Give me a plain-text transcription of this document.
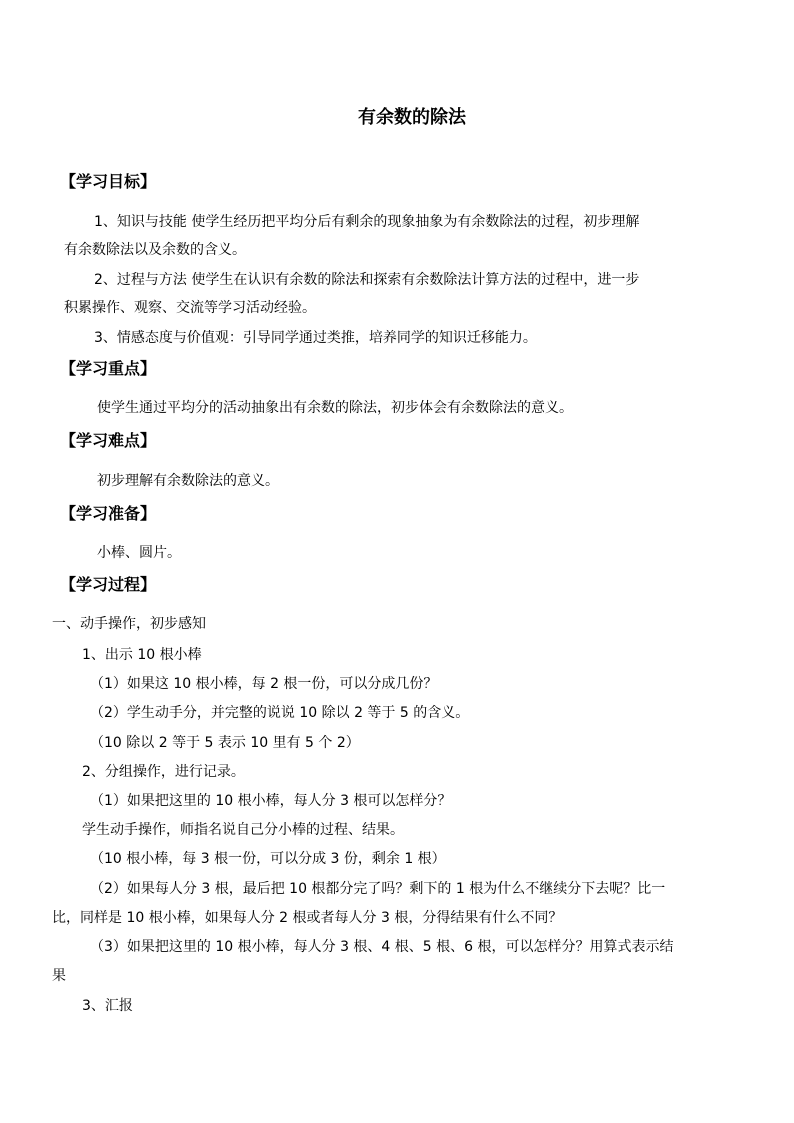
有余数的除法
【学习目标】
1、知识与技能 使学生经历把平均分后有剩余的现象抽象为有余数除法的过程，初步理解
有余数除法以及余数的含义。
2、过程与方法 使学生在认识有余数的除法和探索有余数除法计算方法的过程中，进一步
积累操作、观察、交流等学习活动经验。
3、情感态度与价值观：引导同学通过类推，培养同学的知识迁移能力。
【学习重点】
使学生通过平均分的活动抽象出有余数的除法，初步体会有余数除法的意义。
【学习难点】
初步理解有余数除法的意义。
【学习准备】
小棒、圆片。
【学习过程】
一、动手操作，初步感知
1、出示 10 根小棒
（1）如果这 10 根小棒，每 2 根一份，可以分成几份？
（2）学生动手分，并完整的说说 10 除以 2 等于 5 的含义。
（10 除以 2 等于 5 表示 10 里有 5 个 2）
2、分组操作，进行记录。
（1）如果把这里的 10 根小棒，每人分 3 根可以怎样分？
学生动手操作，师指名说自己分小棒的过程、结果。
（10 根小棒，每 3 根一份，可以分成 3 份，剩余 1 根）
（2）如果每人分 3 根，最后把 10 根都分完了吗？剩下的 1 根为什么不继续分下去呢？比一
比，同样是 10 根小棒，如果每人分 2 根或者每人分 3 根，分得结果有什么不同？
（3）如果把这里的 10 根小棒，每人分 3 根、4 根、5 根、6 根，可以怎样分？用算式表示结
果
3、汇报
